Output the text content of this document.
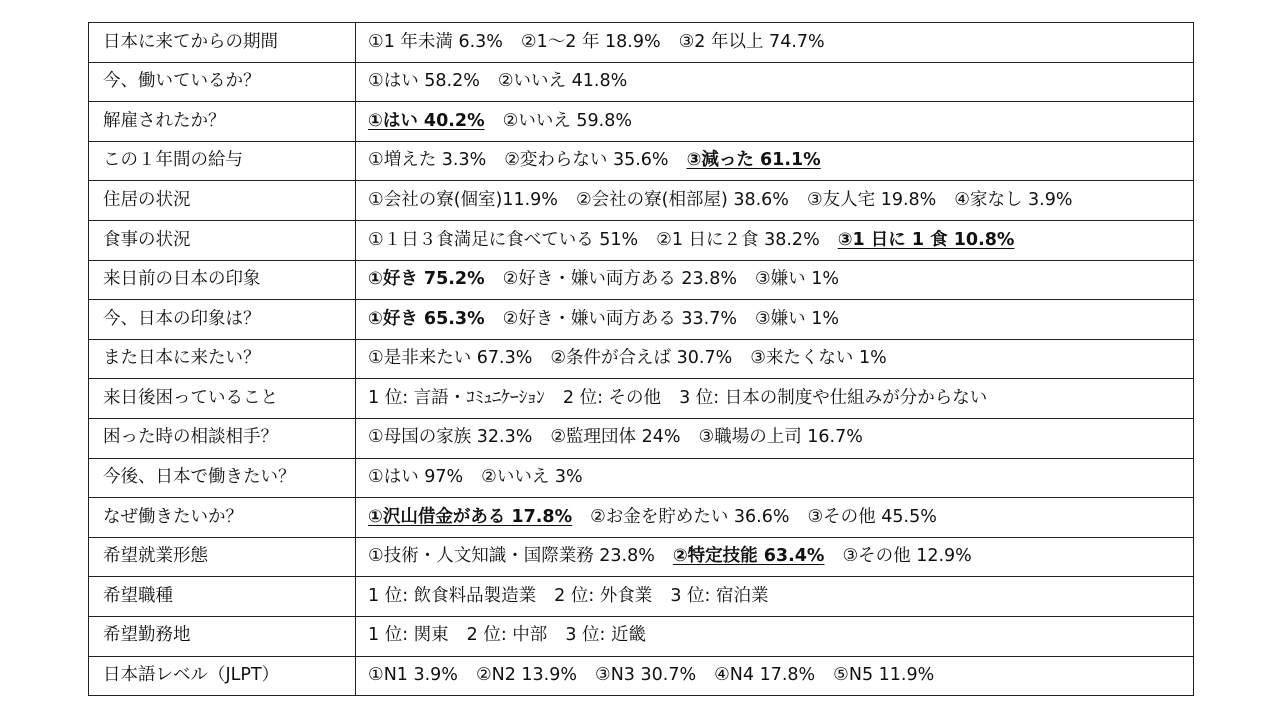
日本に来てからの期間	①1 年未満 6.3% ②1～2 年 18.9% ③2 年以上 74.7%
今、働いているか？	①はい 58.2% ②いいえ 41.8%
解雇されたか？	①はい 40.2% ②いいえ 59.8%
この１年間の給与	①増えた 3.3% ②変わらない 35.6% ③減った 61.1%
住居の状況	①会社の寮(個室)11.9% ②会社の寮(相部屋) 38.6% ③友人宅 19.8% ④家なし 3.9%
食事の状況	①１日３食満足に食べている 51% ②1 日に２食 38.2% ③1 日に 1 食 10.8%
来日前の日本の印象	①好き 75.2% ②好き・嫌い両方ある 23.8% ③嫌い 1%
今、日本の印象は？	①好き 65.3% ②好き・嫌い両方ある 33.7% ③嫌い 1%
また日本に来たい？	①是非来たい 67.3% ②条件が合えば 30.7% ③来たくない 1%
来日後困っていること	1 位: 言語・ｺﾐｭﾆｹｰｼｮﾝ 2 位: その他 3 位: 日本の制度や仕組みが分からない
困った時の相談相手？	①母国の家族 32.3% ②監理団体 24% ③職場の上司 16.7%
今後、日本で働きたい？	①はい 97% ②いいえ 3%
なぜ働きたいか？	①沢山借金がある 17.8% ②お金を貯めたい 36.6% ③その他 45.5%
希望就業形態	①技術・人文知識・国際業務 23.8% ②特定技能 63.4% ③その他 12.9%
希望職種	1 位: 飲食料品製造業 2 位: 外食業 3 位: 宿泊業
希望勤務地	1 位: 関東 2 位: 中部 3 位: 近畿
日本語レベル（JLPT）	①N1 3.9% ②N2 13.9% ③N3 30.7% ④N4 17.8% ⑤N5 11.9%
